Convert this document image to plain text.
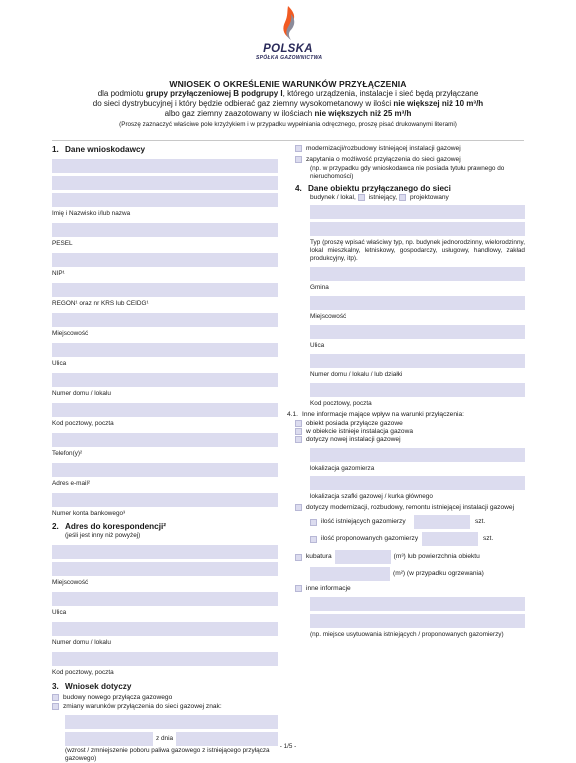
POLSKA
SPÓŁKA GAZOWNICTWA
WNIOSEK O OKREŚLENIE WARUNKÓW PRZYŁĄCZENIA
dla podmiotu grupy przyłączeniowej B podgrupy I, którego urządzenia, instalacje i sieć będą przyłączane
do sieci dystrybucyjnej i który będzie odbierać gaz ziemny wysokometanowy w ilości nie większej niż 10 m³/h
albo gaz ziemny zaazotowany w ilościach nie większych niż 25 m³/h
(Proszę zaznaczyć właściwe pole krzyżykiem i w przypadku wypełniania odręcznego, proszę pisać drukowanymi literami)
1. Dane wnioskodawcy
Imię i Nazwisko i/lub nazwa
PESEL
NIP¹
REGON¹ oraz nr KRS lub CEIDG¹
Miejscowość
Ulica
Numer domu / lokalu
Kod pocztowy, poczta
Telefon(y)²
Adres e-mail²
Numer konta bankowego³
2. Adres do korespondencji²
(jeśli jest inny niż powyżej)
Miejscowość
Ulica
Numer domu / lokalu
Kod pocztowy, poczta
3. Wniosek dotyczy
budowy nowego przyłącza gazowego
zmiany warunków przyłączenia do sieci gazowej znak:
z dnia
(wzrost / zmniejszenie poboru paliwa gazowego z istniejącego przyłącza gazowego)
modernizacji/rozbudowy istniejącej instalacji gazowej
zapytania o możliwość przyłączenia do sieci gazowej
(np. w przypadku gdy wnioskodawca nie posiada tytułu prawnego do nieruchomości)
4. Dane obiektu przyłączanego do sieci
budynek / lokal,
istniejący,
projektowany
Typ (proszę wpisać właściwy typ, np. budynek jednorodzinny, wielorodzinny, lokal mieszkalny, letniskowy, gospodarczy, usługowy, handlowy, zakład produkcyjny, itp).
Gmina
Miejscowość
Ulica
Numer domu / lokalu / lub działki
Kod pocztowy, poczta
4.1. Inne informacje mające wpływ na warunki przyłączenia:
obiekt posiada przyłącze gazowe
w obiekcie istnieje instalacja gazowa
dotyczy nowej instalacji gazowej
lokalizacja gazomierza
lokalizacja szafki gazowej / kurka głównego
dotyczy modernizacji, rozbudowy, remontu istniejącej instalacji gazowej
ilość istniejących gazomierzy	szt.
ilość proponowanych gazomierzy	szt.
kubatura	(m³) lub powierzchnia obiektu
(m²) (w przypadku ogrzewania)
inne informacje
(np. miejsce usytuowania istniejących / proponowanych gazomierzy)
- 1/5 -
